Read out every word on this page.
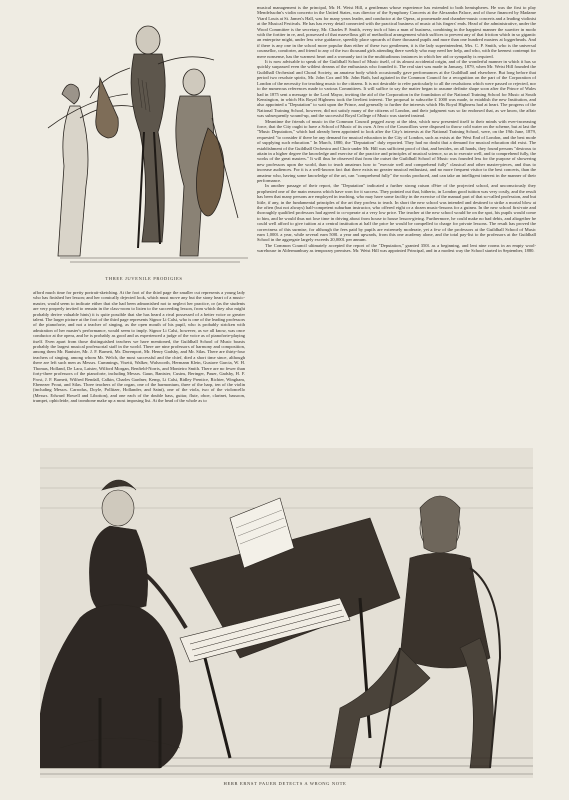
THREE JUVENILE PRODIGIES

musical management is the principal, Mr. H. Weist Hill, a gentleman whose experience has extended to both hemispheres. He was the first to play Mendelssohn's violin concerto in the United States, was director of the Symphony Concerts at the Alexandra Palace, and of those financed by Madame Viard Louis at St. James's Hall, was for many years leader, and conductor at the Opera, at promenade and chamber-music concerts and a leading violinist at the Musical Festivals. He has has every detail connected with the practical business of music at his fingers' ends. Head of the administrative, under the Wood Committee is the secretary, Mr. Charles P. Smith, every inch of him a man of business, combining in the happiest manner the suaviter in modo with the fortiter in re, and, possessed of that marvellous gift of methodical arrangement which suffices to prevent any of that friction which in so gigantic an enterprise might, under less wise guidance, speedily place upwards of three thousand pupils and more than one hundred masters at loggerheads. And if there is any one in the school more popular than either of these two gentlemen, it is the lady superintendent, Mrs. C. P. Smith, who is the universal counsellor, comforter, and friend to any of the two thousand girls attending there weekly who may need her help, and who, with the keenest contempt for mere nonsense, has the warmest heart and a womanly tact in the multitudinous instances in which her aid or sympathy is required.

It is now advisable to speak of the Guildhall School of Music itself, of its almost accidental origin, and of the wonderful manner in which it has so quickly surpassed even the wildest dreams of the enthusiasts who founded it. The real start was made in January, 1879, when Mr. Weist Hill founded the Guildhall Orchestral and Choral Society, an amateur body which occasionally gave performances at the Guildhall and elsewhere. But long before that period two resolute spirits, Mr. John Cox and Mr. John Bath, had agitated in the Common Council for a recognition on the part of the Corporation of London of the necessity for teaching music to the citizens. It is not desirable to refer particularly to all the resolutions which were passed or rejected, nor to the numerous references made to various Committees. It will suffice to say the matter began to assume definite shape soon after the Prince of Wales had in 1875 sent a message to the Lord Mayor, inviting the aid of the Corporation in the foundation of the National Training School for Music at South Kensington, in which His Royal Highness took the liveliest interest. The proposal to subscribe £ 1000 was made, to establish the new Institution, and also appointed a "Deputation" to wait upon the Prince, and generally to further the interests which His Royal Highness had at heart. The progress of the National Training School, however, did not satisfy many of the citizens of London, and their judgment was so far endorsed that, as we know, the affair was subsequently wound-up, and the successful Royal College of Music was started instead.

Meantime the friends of music in the Common Council pegged away at the idea, which now presented itself to their minds with ever-increasing force, that the City ought to have a School of Music of its own. A few of the Councillors were disposed to throw cold water on the scheme, but at last the "Music Deputation," which had already been appointed to look after the City's interests at the National Training School, were, on the 19th June, 1879, requested "to consider if there be any demand for musical education in the City of London, such as exists at the West End of London, and the best mode of supplying such education." In March, 1880, the "Deputation" duly reported. They had no doubt that a demand for musical education did exist. The establishment of the Guildhall Orchestra and Choir under Mr. Hill was sufficient proof of that, and besides, on all hands, they found persons "desirous to attain in a higher degree the knowledge and exercise of the practice and principles of musical science, so as to execute well, and to comprehend fully, the works of the great masters." It will thus be observed that from the outset the Guildhall School of Music was founded less for the purpose of showering new professors upon the world, than to teach amateurs how to "execute well and comprehend fully" classical and other master-pieces, and thus to increase audiences. For it is a well-known fact that there exists no greater musical enthusiast, and no more frequent visitor to the best concerts, than the amateur who, having some knowledge of the art, can "comprehend fully" the works produced, and can take an intelligent interest in the manner of their performance.

In another passage of their report, the "Deputation" indicated a further strong raison d'être of the projected school, and unconsciously they prophesied one of the main reasons which have won for it success. They pointed out that, hitherto, in London good tuition was very costly, and the result has been that many persons are employed in teaching, who may have some facility in the exercise of the manual part of that so-called profession, and but little, if any, in the fundamental principles of the art they profess to teach. In short the new school was intended and destined to strike a mortal blow at the often (but not always) half-competent suburban instructor, who offered eight or a dozen music-lessons for a guinea. In the new school first-rate and thoroughly qualified professors had agreed to co-operate at a very low price. The teacher at the new school would be on the spot, his pupils would come to him, and he would thus not lose time in driving about from house to house lesson-giving. Furthermore, he could make no bad debts, and altogether he could well afford to give tuition at a central institution at half the price he would be compelled to charge for private lessons. The result has proved the correctness of this surmise, for although the fees paid by pupils are extremely moderate, yet a few of the professors at the Guildhall School of Music earn 1,000l. a year, while several earn 500l. a year and upwards, from this one academy alone, and the total pay-list to the professors at the Guildhall School in the aggregate largely exceeds 20,000l. per annum.

The Common Council ultimately accepted the report of the "Deputation," granted 350l. as a beginning, and lent nine rooms in an empty wool-warehouse in Aldermanbury as temporary premises. Mr. Weist Hill was appointed Principal, and in a modest way the School started in September, 1880.

afford much time for pretty portrait-sketching. At the foot of the third page the smaller cut represents a young lady who has finished her lesson; and her comically dejected look, which must move any but the stony heart of a music-master, would seem to indicate either that she had been admonished not to neglect her practice, or (as the students are very properly invited to remain in the class-room to listen to the succeeding lesson, from which they also might probably derive valuable hints) it is quite possible that she has heard a rival possessed of a better voice or greater talent. The larger picture at the foot of the third page represents Signor Li Calsi, who is one of the leading professors of the pianoforte, and not a teacher of singing, as the open mouth of his pupil, who is probably stricken with admiration of her master's performance, would seem to imply. Signor Li Calsi, however, as we all know, was once conductor at the opera, and he is probably as good and as experienced a judge of the voice as of pianoforte-playing itself. Even apart from those distinguished teachers we have mentioned, the Guildhall School of Music boasts probably the largest musical professorial staff in the world. There are nine professors of harmony and composition, among them Mr. Banister, Mr. J. F. Barnett, Mr. Davenport, Mr. Henry Gadsby, and Mr. Silas. There are thirty-four teachers of singing, among whom Mr. Welch, the most successful and the chief, died a short time since, although there are left such men as Messrs. Cummings, Visetti, Walker, Walsworth, Hermann Klein, Gustave Garcia, W. H. Thomas, Holland, De Lara, Laister, Wilford Morgan, Benfield-Norris, and Monteiro Smith. There are no fewer than forty-three professors of the pianoforte, including Messrs. Gaun, Banister, Cusins, Beringer, Pauer, Gadsby, H. F. Frost, J. F. Barnett, Wilfred Bendall, Calkin, Charles Gardner, Kemp, Li Calsi, Ridley Prentice, Richter, Wingham, Ebenezer Prout, and Silas. Three teachers of the organ, one of the harmonium, three of the harp, ten of the violin (including Messrs. Carrodus, Doyle, Pollitzer, Hollander, and Saint), one of the viola, two of the violoncello (Messrs. Edward Howell and Libotton), and one each of the double bass, guitar, flute, oboe, clarinet, bassoon, trumpet, ophicleide, and trombone make up a most imposing list. At the head of the whole as to

HERR ERNST PAUER DETECTS A WRONG NOTE
